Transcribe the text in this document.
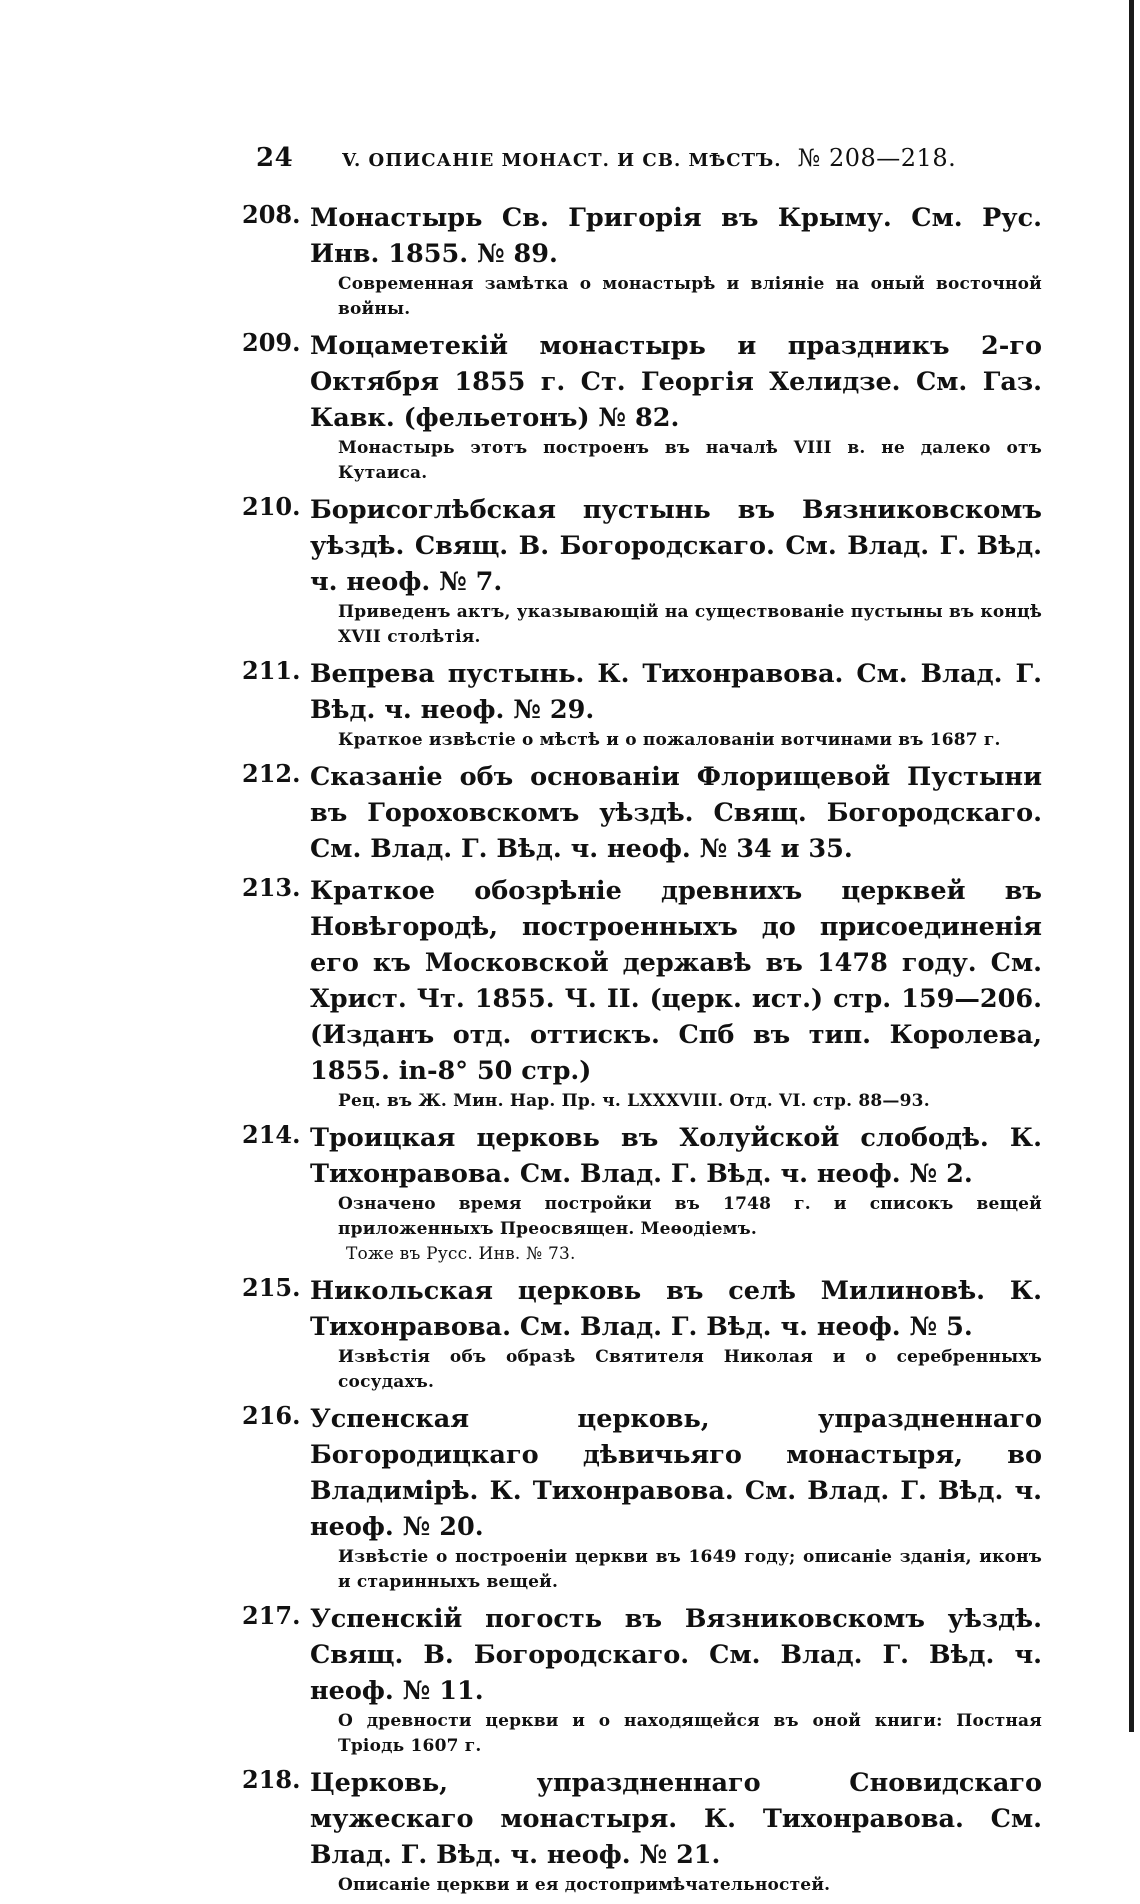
24	V. ОПИСАНІЕ МОНАСТ. И СВ. МѢСТЪ. № 208—218.
208. Монастырь Св. Григорія въ Крыму. См. Рус. Инв. 1855. № 89.
Современная замѣтка о монастырѣ и вліяніе на оный восточной войны.
209. Моцаметекій монастырь и праздникъ 2-го Октября 1855 г. Ст. Георгія Хелидзе. См. Газ. Кавк. (фельетонъ) № 82.
Монастырь этотъ построенъ въ началѣ VIII в. не далеко отъ Кутаиса.
210. Борисоглѣбская пустынь въ Вязниковскомъ уѣздѣ. Свящ. В. Богородскаго. См. Влад. Г. Вѣд. ч. неоф. № 7.
Приведенъ актъ, указывающій на существованіе пустыны въ концѣ XVII столѣтія.
211. Вепрева пустынь. К. Тихонравова. См. Влад. Г. Вѣд. ч. неоф. № 29.
Краткое извѣстіе о мѣстѣ и о пожалованіи вотчинами въ 1687 г.
212. Сказаніе объ основаніи Флорищевой Пустыни въ Гороховскомъ уѣздѣ. Свящ. Богородскаго. См. Влад. Г. Вѣд. ч. неоф. № 34 и 35.
213. Краткое обозрѣніе древнихъ церквей въ Новѣгородѣ, построенныхъ до присоединенія его къ Московской державѣ въ 1478 году. См. Христ. Чт. 1855. Ч. II. (церк. ист.) стр. 159—206. (Изданъ отд. оттискъ. Спб въ тип. Королева, 1855. in-8° 50 стр.)
Рец. въ Ж. Мин. Нар. Пр. ч. LXXXVIII. Отд. VI. стр. 88—93.
214. Троицкая церковь въ Холуйской слободѣ. К. Тихонравова. См. Влад. Г. Вѣд. ч. неоф. № 2.
Означено время постройки въ 1748 г. и списокъ вещей приложенныхъ Преосвящен. Меѳодіемъ.
Тоже въ Русс. Инв. № 73.
215. Никольская церковь въ селѣ Милиновѣ. К. Тихонравова. См. Влад. Г. Вѣд. ч. неоф. № 5.
Извѣстія объ образѣ Святителя Николая и о серебренныхъ сосудахъ.
216. Успенская церковь, упраздненнаго Богородицкаго дѣвичьяго монастыря, во Владимірѣ. К. Тихонравова. См. Влад. Г. Вѣд. ч. неоф. № 20.
Извѣстіе о построеніи церкви въ 1649 году; описаніе зданія, иконъ и старинныхъ вещей.
217. Успенскій погость въ Вязниковскомъ уѣздѣ. Свящ. В. Богородскаго. См. Влад. Г. Вѣд. ч. неоф. № 11.
О древности церкви и о находящейся въ оной книги: Постная Тріодь 1607 г.
218. Церковь, упраздненнаго Сновидскаго мужескаго монастыря. К. Тихонравова. См. Влад. Г. Вѣд. ч. неоф. № 21.
Описаніе церкви и ея достопримѣчательностей.
